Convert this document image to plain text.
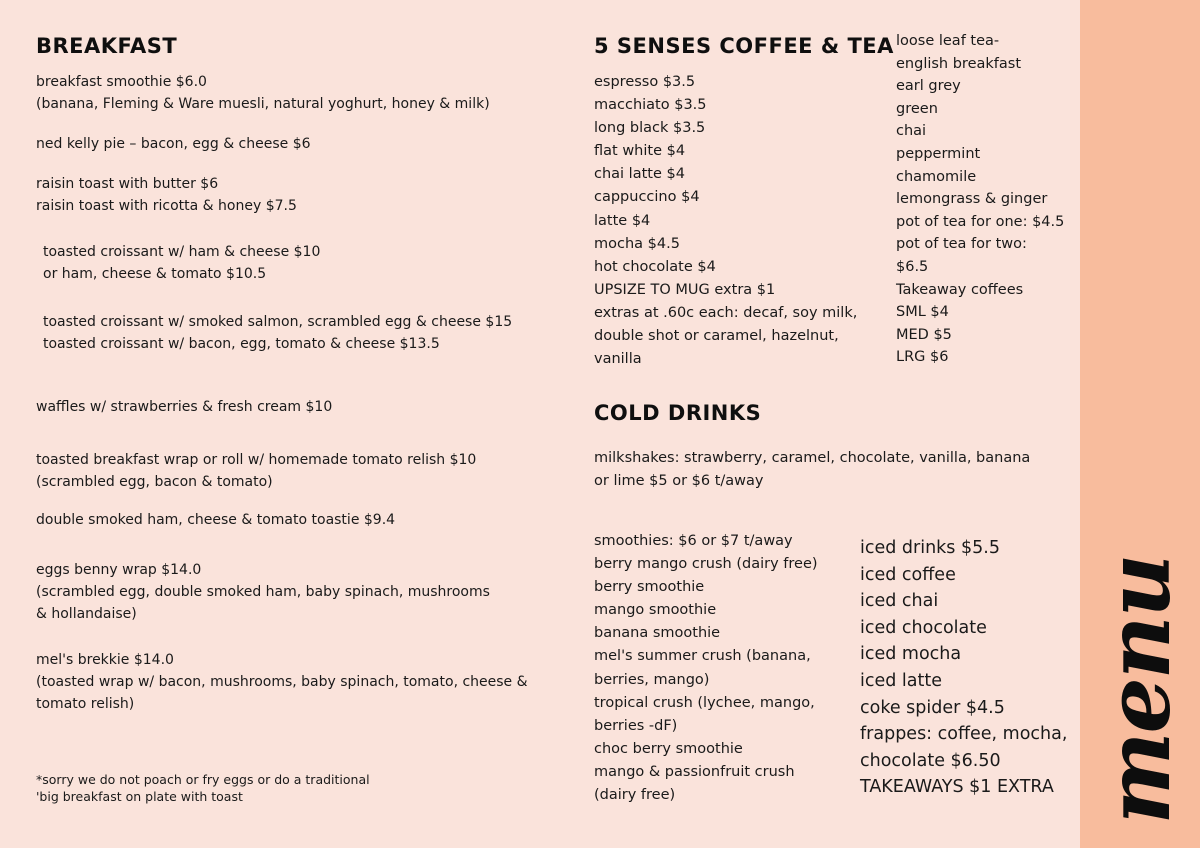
menu
BREAKFAST
breakfast smoothie $6.0
(banana, Fleming & Ware muesli, natural yoghurt, honey & milk)
ned kelly pie – bacon, egg & cheese $6
raisin toast with butter $6
raisin toast with ricotta & honey $7.5
toasted croissant w/ ham & cheese $10
or ham, cheese & tomato $10.5
toasted croissant w/ smoked salmon, scrambled egg & cheese $15
toasted croissant w/ bacon, egg, tomato & cheese $13.5
waffles w/ strawberries & fresh cream $10
toasted breakfast wrap or roll w/ homemade tomato relish $10
(scrambled egg, bacon & tomato)
double smoked ham, cheese & tomato toastie $9.4
eggs benny wrap $14.0
(scrambled egg, double smoked ham, baby spinach, mushrooms
& hollandaise)
mel's brekkie $14.0
(toasted wrap w/ bacon, mushrooms, baby spinach, tomato, cheese &
tomato relish)
*sorry we do not poach or fry eggs or do a traditional
'big breakfast on plate with toast
5 SENSES COFFEE & TEA
espresso $3.5
macchiato $3.5
long black $3.5
flat white $4
chai latte $4
cappuccino $4
latte $4
mocha $4.5
hot chocolate $4
UPSIZE TO MUG extra $1
extras at .60c each: decaf, soy milk,
double shot or caramel, hazelnut,
vanilla
loose leaf tea-
english breakfast
earl grey
green
chai
peppermint
chamomile
lemongrass & ginger
pot of tea for one: $4.5
pot of tea for two:
$6.5
Takeaway coffees
SML $4
MED $5
LRG $6
COLD DRINKS
milkshakes: strawberry, caramel, chocolate, vanilla, banana
or lime $5 or $6 t/away
smoothies: $6 or $7 t/away
berry mango crush (dairy free)
berry smoothie
mango smoothie
banana smoothie
mel's summer crush (banana,
berries, mango)
tropical crush (lychee, mango,
berries -dF)
choc berry smoothie
mango & passionfruit crush
(dairy free)
iced drinks $5.5
iced coffee
iced chai
iced chocolate
iced mocha
iced latte
coke spider $4.5
frappes: coffee, mocha,
chocolate $6.50
TAKEAWAYS $1 EXTRA
